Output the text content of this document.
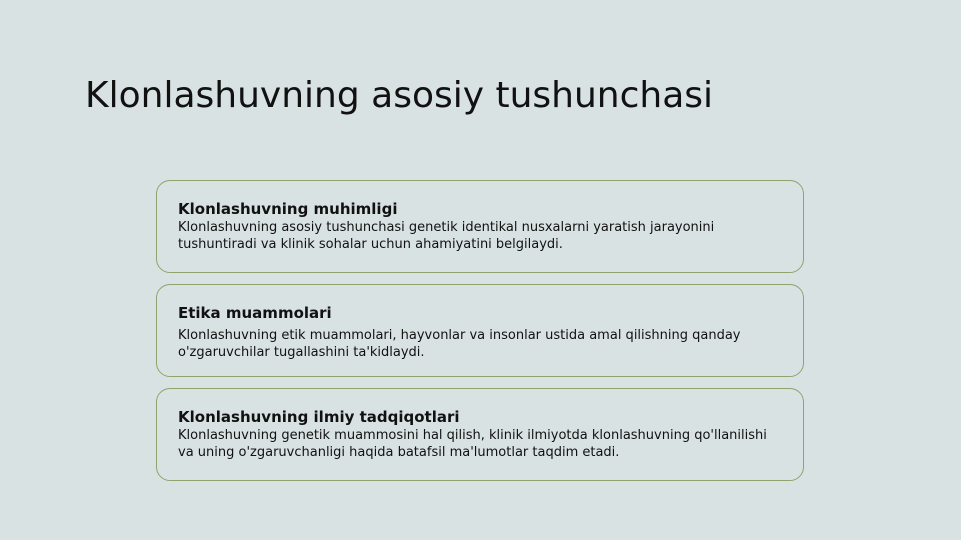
Klonlashuvning asosiy tushunchasi

Klonlashuvning muhimligi

Klonlashuvning asosiy tushunchasi genetik identikal nusxalarni yaratish jarayonini tushuntiradi va klinik sohalar uchun ahamiyatini belgilaydi.

Etika muammolari

Klonlashuvning etik muammolari, hayvonlar va insonlar ustida amal qilishning qanday o'zgaruvchilar tugallashini ta'kidlaydi.

Klonlashuvning ilmiy tadqiqotlari

Klonlashuvning genetik muammosini hal qilish, klinik ilmiyotda klonlashuvning qo'llanilishi va uning o'zgaruvchanligi haqida batafsil ma'lumotlar taqdim etadi.
